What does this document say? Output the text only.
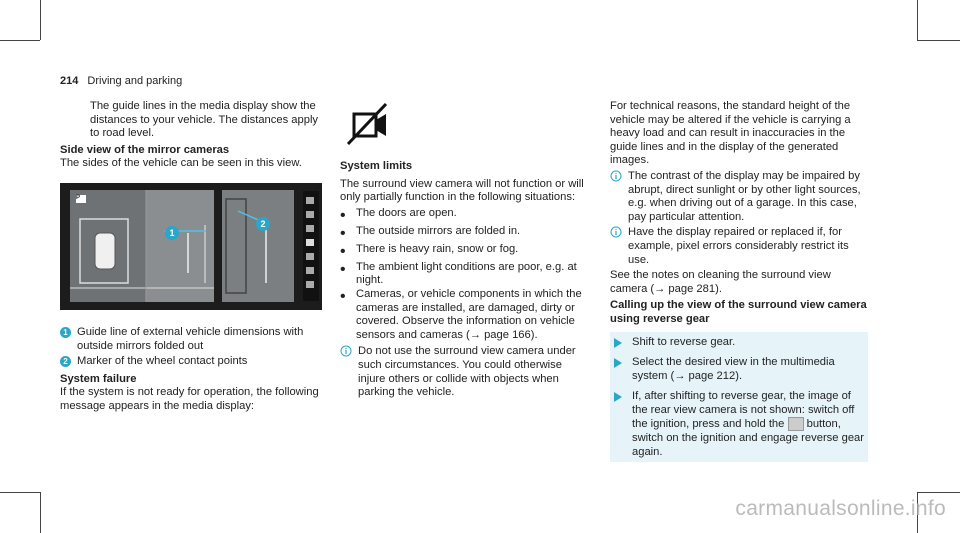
214 Driving and parking

The guide lines in the media display show the distances to your vehicle. The distances apply to road level.

Side view of the mirror cameras

The sides of the vehicle can be seen in this view.

P
1
2
1 Guide line of external vehicle dimensions with outside mirrors folded out

2 Marker of the wheel contact points

System failure

If the system is not ready for operation, the following message appears in the media display:

System limits

The surround view camera will not function or will only partially function in the following situations:

•

The doors are open.

•

The outside mirrors are folded in.

•

There is heavy rain, snow or fog.

•

The ambient light conditions are poor, e.g. at night.

•

Cameras, or vehicle components in which the cameras are installed, are damaged, dirty or covered. Observe the information on vehicle sensors and cameras (→ page 166).

Do not use the surround view camera under such circumstances. You could otherwise injure others or collide with objects when parking the vehicle.

For technical reasons, the standard height of the vehicle may be altered if the vehicle is carrying a heavy load and can result in inaccuracies in the guide lines and in the display of the generated images.

The contrast of the display may be impaired by abrupt, direct sunlight or by other light sources, e.g. when driving out of a garage. In this case, pay particular attention.

Have the display repaired or replaced if, for example, pixel errors considerably restrict its use.

See the notes on cleaning the surround view camera (→ page 281).

Calling up the view of the surround view camera using reverse gear

Shift to reverse gear.

Select the desired view in the multimedia system (→ page 212).

If, after shifting to reverse gear, the image of the rear view camera is not shown: switch off the ignition, press and hold the button, switch on the ignition and engage reverse gear again.

carmanualsonline.info
